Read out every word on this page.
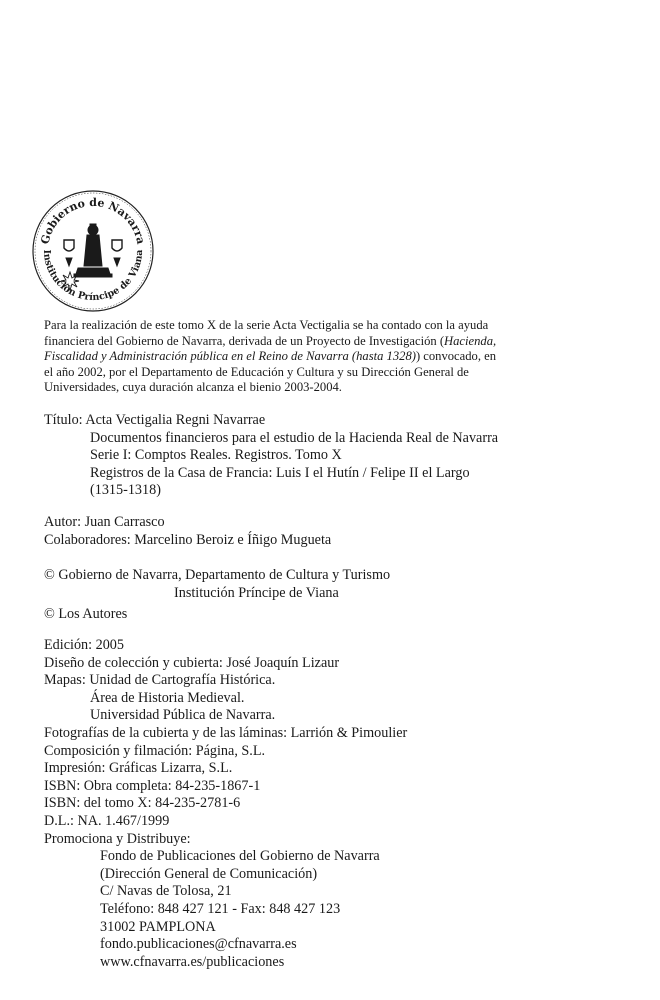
Gobierno de Navarra
Institución Príncipe de Viana
Para la realización de este tomo X de la serie Acta Vectigalia se ha contado con la ayuda
financiera del Gobierno de Navarra, derivada de un Proyecto de Investigación (Hacienda,
Fiscalidad y Administración pública en el Reino de Navarra (hasta 1328)) convocado, en
el año 2002, por el Departamento de Educación y Cultura y su Dirección General de
Universidades, cuya duración alcanza el bienio 2003-2004.
Título: Acta Vectigalia Regni Navarrae
Documentos financieros para el estudio de la Hacienda Real de Navarra
Serie I: Comptos Reales. Registros. Tomo X
Registros de la Casa de Francia: Luis I el Hutín / Felipe II el Largo
(1315-1318)
Autor: Juan Carrasco
Colaboradores: Marcelino Beroiz e Íñigo Mugueta
© Gobierno de Navarra, Departamento de Cultura y Turismo
Institución Príncipe de Viana
© Los Autores
Edición: 2005
Diseño de colección y cubierta: José Joaquín Lizaur
Mapas: Unidad de Cartografía Histórica.
Área de Historia Medieval.
Universidad Pública de Navarra.
Fotografías de la cubierta y de las láminas: Larrión & Pimoulier
Composición y filmación: Página, S.L.
Impresión: Gráficas Lizarra, S.L.
ISBN: Obra completa: 84-235-1867-1
ISBN: del tomo X: 84-235-2781-6
D.L.: NA. 1.467/1999
Promociona y Distribuye:
Fondo de Publicaciones del Gobierno de Navarra
(Dirección General de Comunicación)
C/ Navas de Tolosa, 21
Teléfono: 848 427 121 - Fax: 848 427 123
31002 PAMPLONA
fondo.publicaciones@cfnavarra.es
www.cfnavarra.es/publicaciones
